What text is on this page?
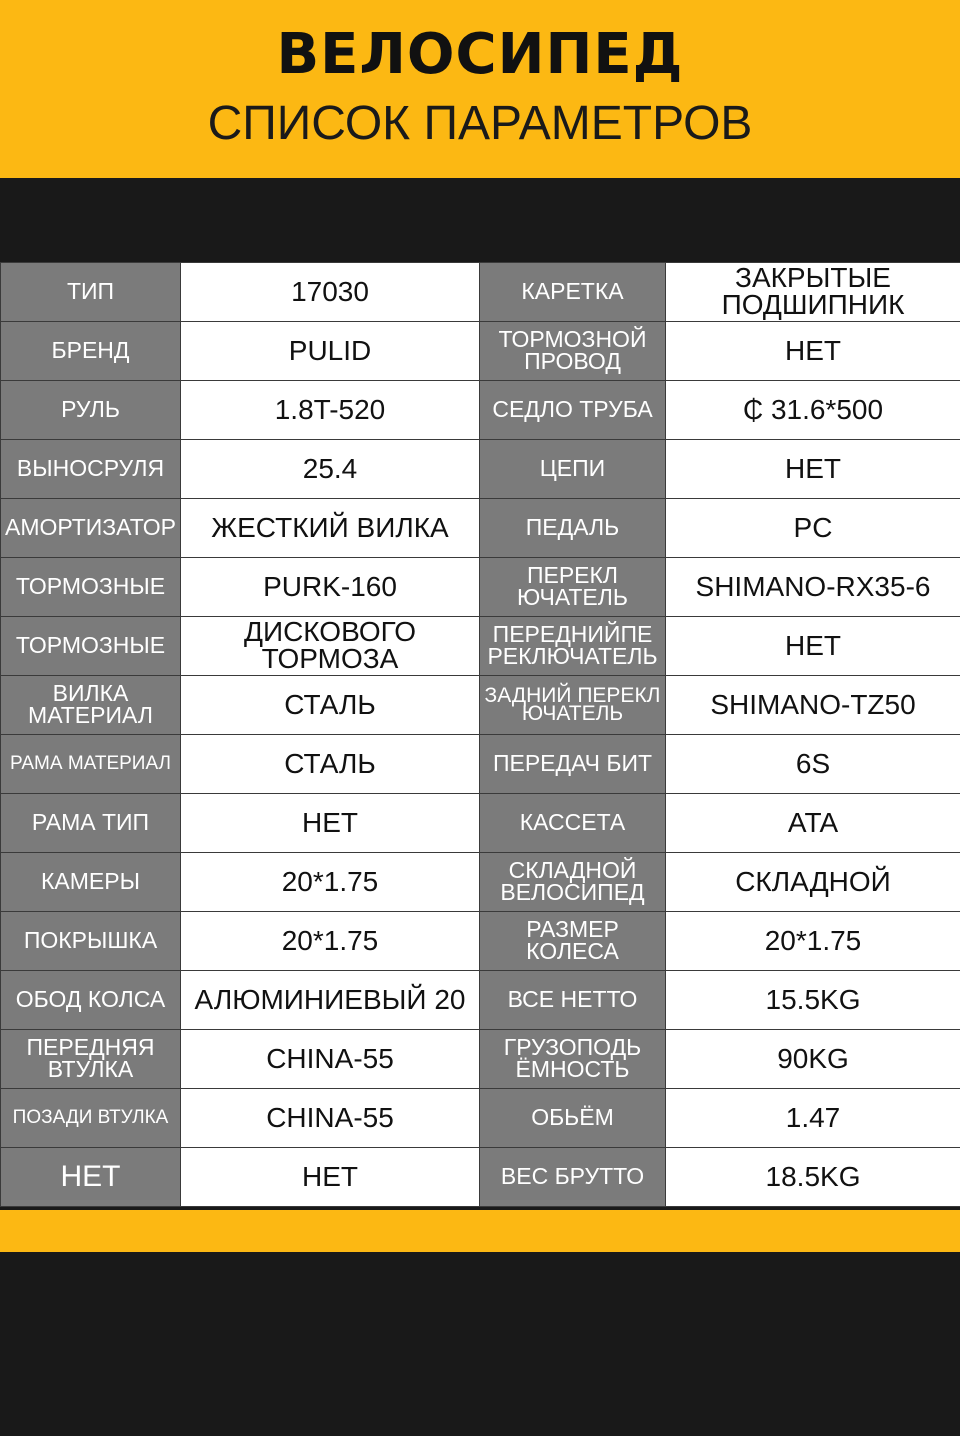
ВЕЛОСИПЕД
СПИСОК ПАРАМЕТРОВ
ТИП	17030	КАРЕТКА	ЗАКРЫТЫЕ ПОДШИПНИК
БРЕНД	PULID	ТОРМОЗНОЙ ПРОВОД	НЕТ
РУЛЬ	1.8T-520	СЕДЛО ТРУБА	₵ 31.6*500
ВЫНОСРУЛЯ	25.4	ЦЕПИ	НЕТ
АМОРТИЗАТОР	ЖЕСТКИЙ ВИЛКА	ПЕДАЛЬ	PC
ТОРМОЗНЫЕ	PURK-160	ПЕРЕКЛ ЮЧАТЕЛЬ	SHIMANO-RX35-6
ТОРМОЗНЫЕ	ДИСКОВОГО ТОРМОЗА	ПЕРЕДНИЙПЕ РЕКЛЮЧАТЕЛЬ	НЕТ
ВИЛКА МАТЕРИАЛ	СТАЛЬ	ЗАДНИЙ ПЕРЕКЛ ЮЧАТЕЛЬ	SHIMANO-TZ50
РАМА МАТЕРИАЛ	СТАЛЬ	ПЕРЕДАЧ БИТ	6S
РАМА ТИП	НЕТ	КАССЕТА	ATA
КАМЕРЫ	20*1.75	СКЛАДНОЙ ВЕЛОСИПЕД	СКЛАДНОЙ
ПОКРЫШКА	20*1.75	РАЗМЕР КОЛЕСА	20*1.75
ОБОД КОЛСА	АЛЮМИНИЕВЫЙ 20	ВСЕ НЕТТО	15.5KG
ПЕРЕДНЯЯ ВТУЛКА	CHINA-55	ГРУЗОПОДЬ ЁМНОСТЬ	90KG
ПОЗАДИ ВТУЛКА	CHINA-55	ОБЬЁМ	1.47
НЕТ	НЕТ	ВЕС БРУТТО	18.5KG
